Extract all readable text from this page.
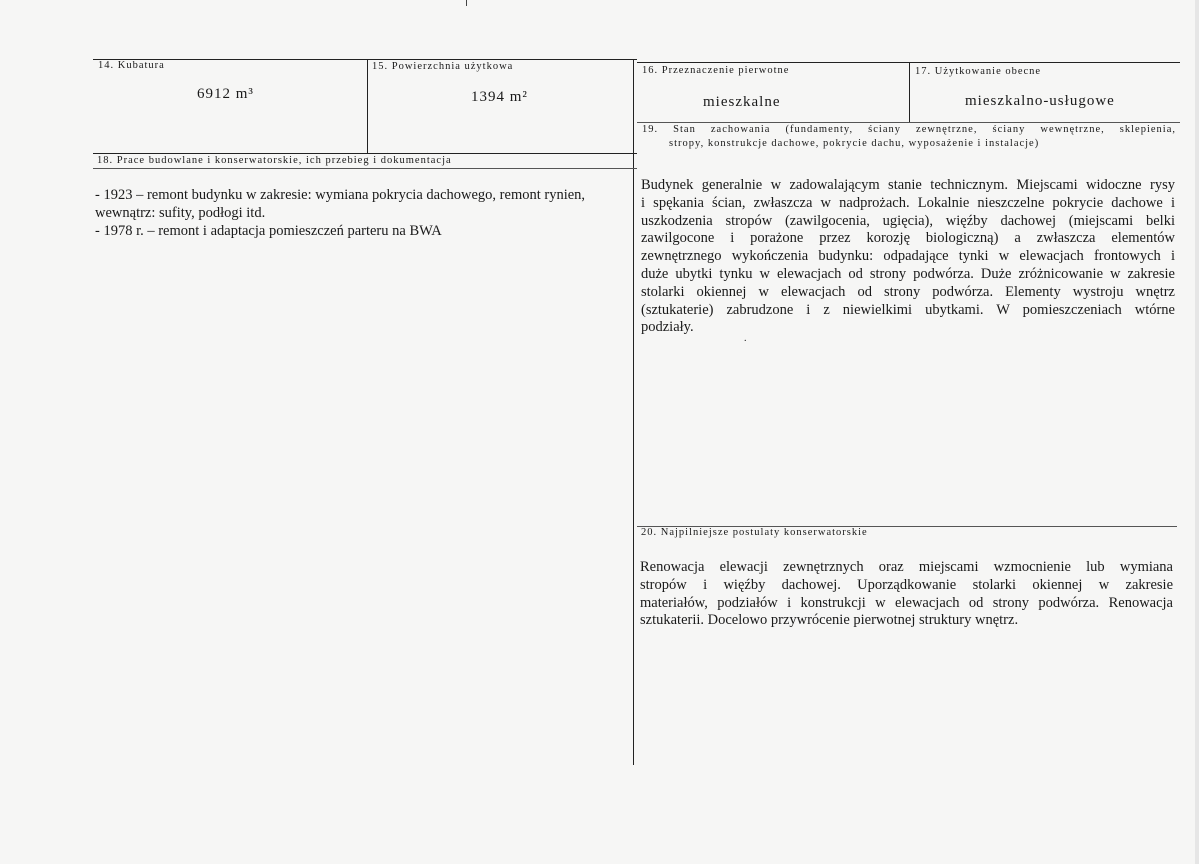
14. Kubatura
6912 m³
15. Powierzchnia użytkowa
1394 m²
16. Przeznaczenie pierwotne
mieszkalne
17. Użytkowanie obecne
mieszkalno-usługowe
18. Prace budowlane i konserwatorskie, ich przebieg i dokumentacja
- 1923 – remont budynku w zakresie: wymiana pokrycia dachowego, remont rynien,
wewnątrz: sufity, podłogi itd.
- 1978 r. – remont i adaptacja pomieszczeń parteru na BWA
19. Stan zachowania (fundamenty, ściany zewnętrzne, ściany wewnętrzne, sklepienia,
stropy, konstrukcje dachowe, pokrycie dachu, wyposażenie i instalacje)
Budynek generalnie w zadowalającym stanie technicznym. Miejscami widoczne rysy
i spękania ścian, zwłaszcza w nadprożach. Lokalnie nieszczelne pokrycie dachowe i
uszkodzenia stropów (zawilgocenia, ugięcia), więźby dachowej (miejscami belki
zawilgocone i porażone przez korozję biologiczną) a zwłaszcza elementów
zewnętrznego wykończenia budynku: odpadające tynki w elewacjach frontowych i
duże ubytki tynku w elewacjach od strony podwórza. Duże zróżnicowanie w zakresie
stolarki okiennej w elewacjach od strony podwórza. Elementy wystroju wnętrz
(sztukaterie) zabrudzone i z niewielkimi ubytkami. W pomieszczeniach wtórne
podziały.
.
20. Najpilniejsze postulaty konserwatorskie
Renowacja elewacji zewnętrznych oraz miejscami wzmocnienie lub wymiana
stropów i więźby dachowej. Uporządkowanie stolarki okiennej w zakresie
materiałów, podziałów i konstrukcji w elewacjach od strony podwórza. Renowacja
sztukaterii. Docelowo przywrócenie pierwotnej struktury wnętrz.
